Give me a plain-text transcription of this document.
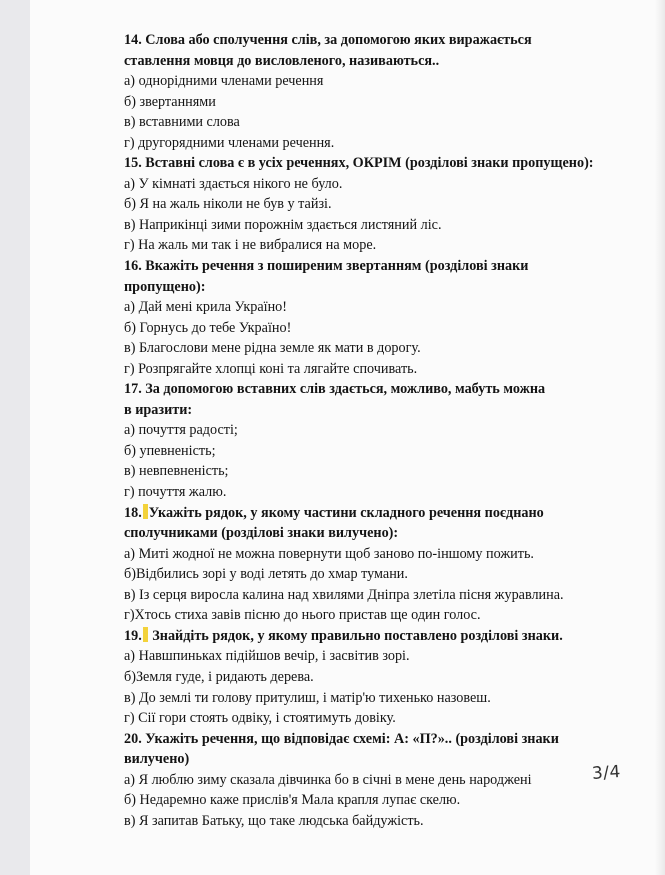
14. Слова або сполучення слів, за допомогою яких виражається
ставлення мовця до висловленого, називаються..
а) однорідними членами речення
б) звертаннями
в) вставними слова
г) другорядними членами речення.
15. Вставні слова є в усіх реченнях, ОКРІМ (розділові знаки пропущено):
а) У кімнаті здається нікого не було.
б) Я на жаль ніколи не був у тайзі.
в) Наприкінці зими порожнім здається листяний ліс.
г) На жаль ми так і не вибралися на море.
16. Вкажіть речення з поширеним звертанням (розділові знаки
пропущено):
а) Дай мені крила Україно!
б) Горнусь до тебе Україно!
в) Благослови мене рідна земле як мати в дорогу.
г) Розпрягайте хлопці коні та лягайте спочивать.
17. За допомогою вставних слів здається, можливо, мабуть можна
в иразити:
а) почуття радості;
б) упевненість;
в) невпевненість;
г) почуття жалю.
18. Укажіть рядок, у якому частини складного речення поєднано
сполучниками (розділові знаки вилучено):
а) Миті жодної не можна повернути щоб заново по-іншому пожить.
б)Відбились зорі у воді летять до хмар тумани.
в) Із серця виросла калина над хвилями Дніпра злетіла пісня журавлина.
г)Хтось стиха завів пісню до нього пристав ще один голос.
19. Знайдіть рядок, у якому правильно поставлено розділові знаки.
а) Навшпиньках підійшов вечір, і засвітив зорі.
б)Земля гуде, і ридають дерева.
в) До землі ти голову притулиш, і матір'ю тихенько назовеш.
г) Сії гори стоять одвіку, і стоятимуть довіку.
20. Укажіть речення, що відповідає схемі: А: «П?».. (розділові знаки
вилучено)
а) Я люблю зиму сказала дівчинка бо в січні в мене день народжені
б) Недаремно каже прислів'я Мала крапля лупає скелю.
в) Я запитав Батьку, що таке людська байдужість.
3/4
